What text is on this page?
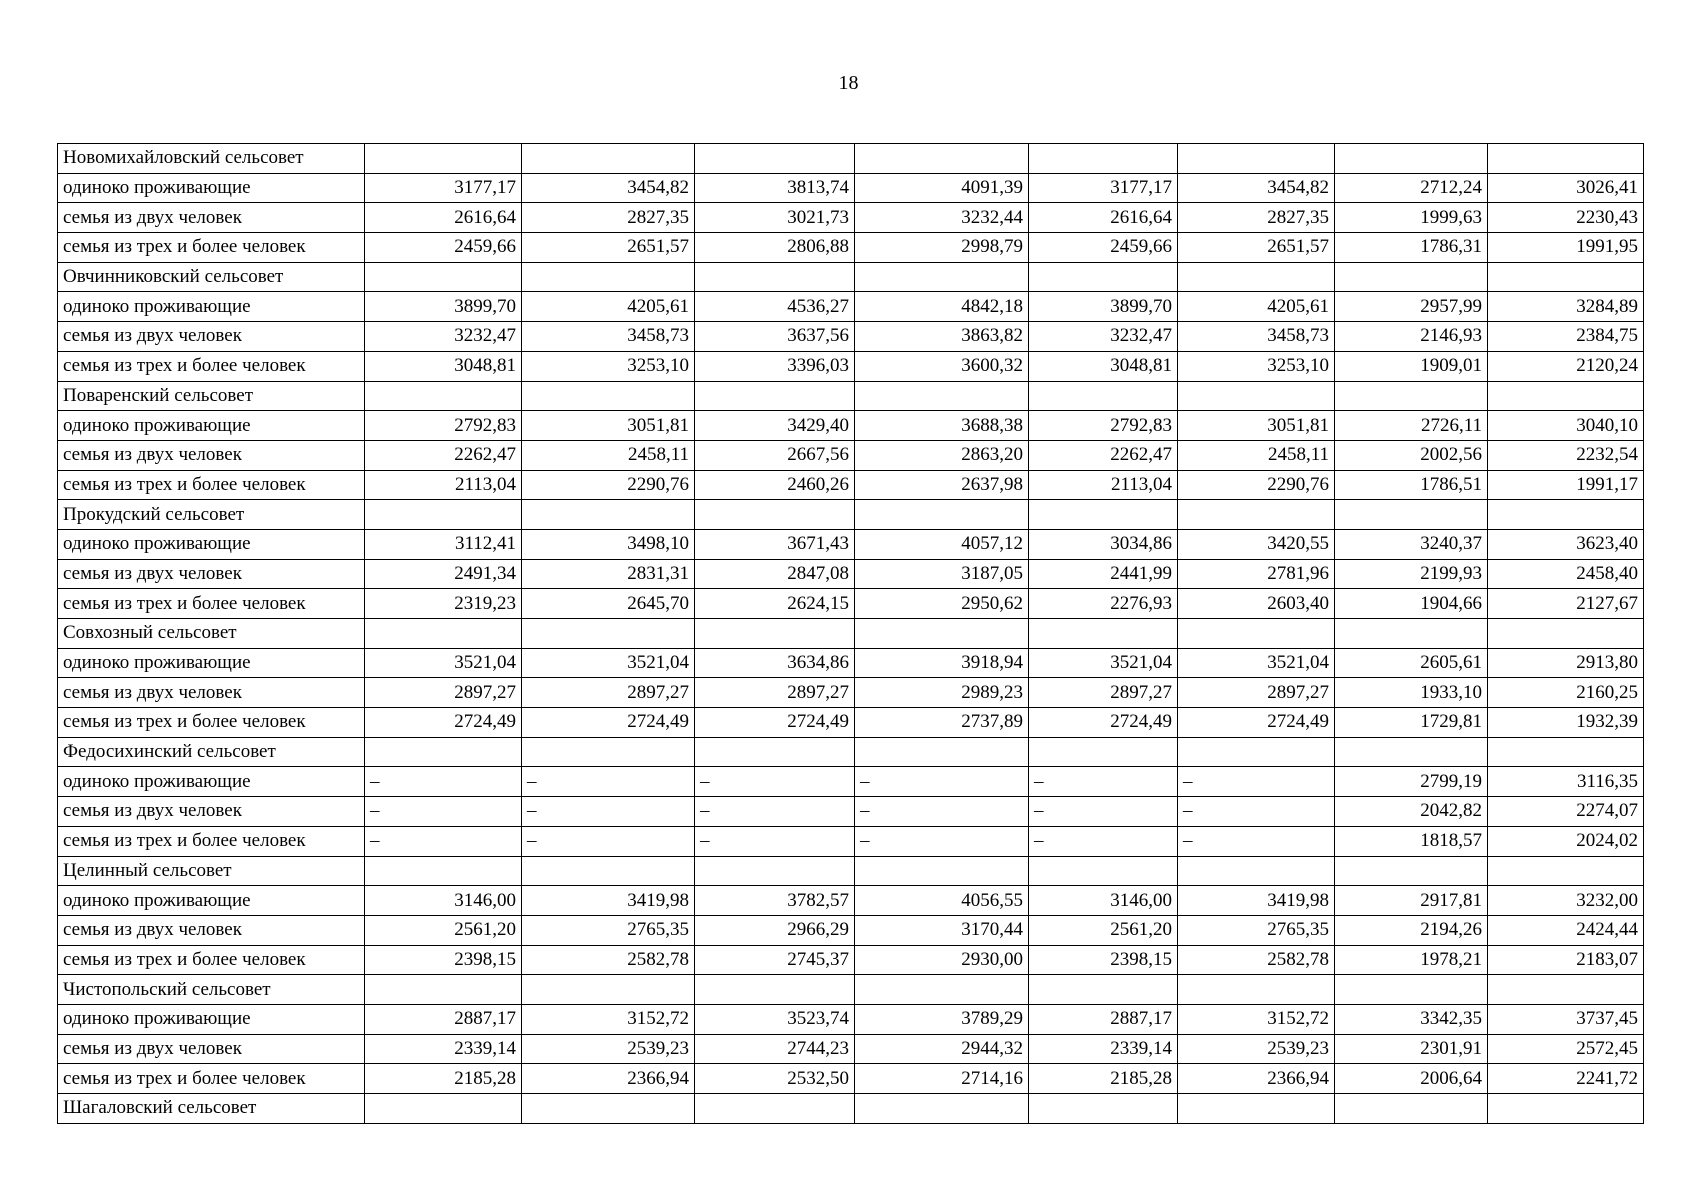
18
Новомихайловский сельсовет								
одиноко проживающие	3177,17	3454,82	3813,74	4091,39	3177,17	3454,82	2712,24	3026,41
семья из двух человек	2616,64	2827,35	3021,73	3232,44	2616,64	2827,35	1999,63	2230,43
семья из трех и более человек	2459,66	2651,57	2806,88	2998,79	2459,66	2651,57	1786,31	1991,95
Овчинниковский сельсовет								
одиноко проживающие	3899,70	4205,61	4536,27	4842,18	3899,70	4205,61	2957,99	3284,89
семья из двух человек	3232,47	3458,73	3637,56	3863,82	3232,47	3458,73	2146,93	2384,75
семья из трех и более человек	3048,81	3253,10	3396,03	3600,32	3048,81	3253,10	1909,01	2120,24
Поваренский сельсовет								
одиноко проживающие	2792,83	3051,81	3429,40	3688,38	2792,83	3051,81	2726,11	3040,10
семья из двух человек	2262,47	2458,11	2667,56	2863,20	2262,47	2458,11	2002,56	2232,54
семья из трех и более человек	2113,04	2290,76	2460,26	2637,98	2113,04	2290,76	1786,51	1991,17
Прокудский сельсовет								
одиноко проживающие	3112,41	3498,10	3671,43	4057,12	3034,86	3420,55	3240,37	3623,40
семья из двух человек	2491,34	2831,31	2847,08	3187,05	2441,99	2781,96	2199,93	2458,40
семья из трех и более человек	2319,23	2645,70	2624,15	2950,62	2276,93	2603,40	1904,66	2127,67
Совхозный сельсовет								
одиноко проживающие	3521,04	3521,04	3634,86	3918,94	3521,04	3521,04	2605,61	2913,80
семья из двух человек	2897,27	2897,27	2897,27	2989,23	2897,27	2897,27	1933,10	2160,25
семья из трех и более человек	2724,49	2724,49	2724,49	2737,89	2724,49	2724,49	1729,81	1932,39
Федосихинский сельсовет								
одиноко проживающие	–	–	–	–	–	–	2799,19	3116,35
семья из двух человек	–	–	–	–	–	–	2042,82	2274,07
семья из трех и более человек	–	–	–	–	–	–	1818,57	2024,02
Целинный сельсовет								
одиноко проживающие	3146,00	3419,98	3782,57	4056,55	3146,00	3419,98	2917,81	3232,00
семья из двух человек	2561,20	2765,35	2966,29	3170,44	2561,20	2765,35	2194,26	2424,44
семья из трех и более человек	2398,15	2582,78	2745,37	2930,00	2398,15	2582,78	1978,21	2183,07
Чистопольский сельсовет								
одиноко проживающие	2887,17	3152,72	3523,74	3789,29	2887,17	3152,72	3342,35	3737,45
семья из двух человек	2339,14	2539,23	2744,23	2944,32	2339,14	2539,23	2301,91	2572,45
семья из трех и более человек	2185,28	2366,94	2532,50	2714,16	2185,28	2366,94	2006,64	2241,72
Шагаловский сельсовет								
